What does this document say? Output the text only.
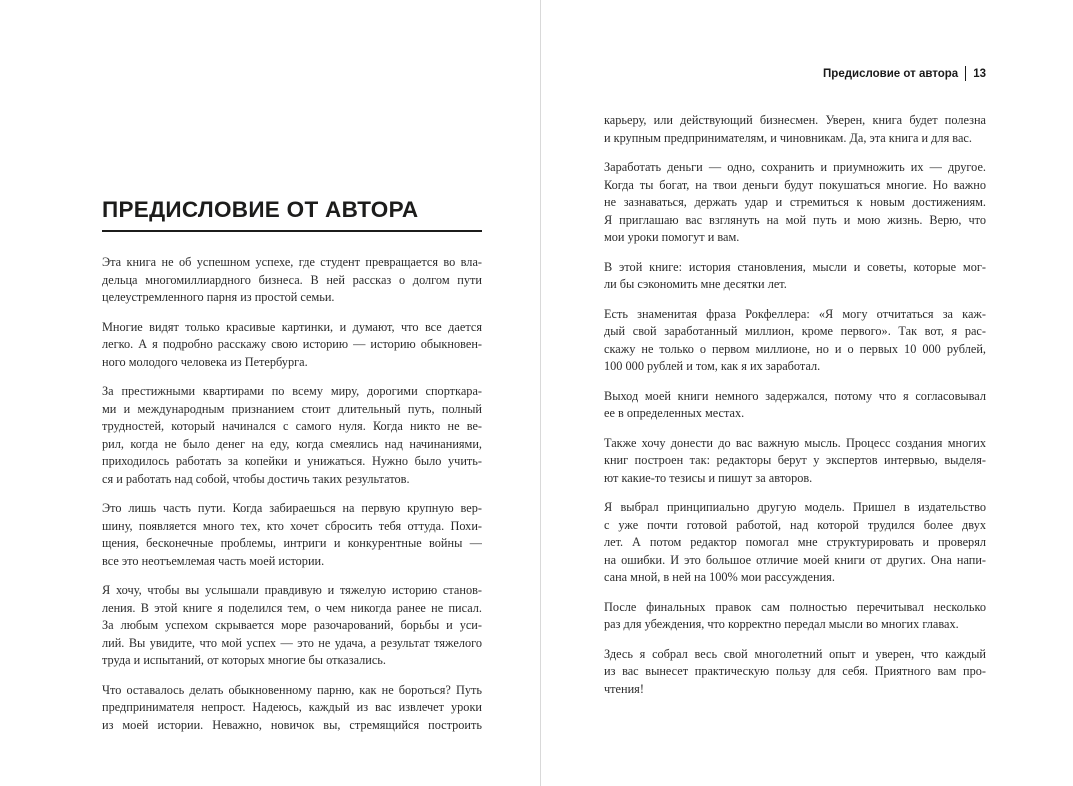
ПРЕДИСЛОВИЕ ОТ АВТОРА
Эта книга не об успешном успехе, где студент превращается во вла-
дельца многомиллиардного бизнеса. В ней рассказ о долгом пути
целеустремленного парня из простой семьи.
Многие видят только красивые картинки, и думают, что все дается
легко. А я подробно расскажу свою историю — историю обыкновен-
ного молодого человека из Петербурга.
За престижными квартирами по всему миру, дорогими спорткара-
ми и международным признанием стоит длительный путь, полный
трудностей, который начинался с самого нуля. Когда никто не ве-
рил, когда не было денег на еду, когда смеялись над начинаниями,
приходилось работать за копейки и унижаться. Нужно было учить-
ся и работать над собой, чтобы достичь таких результатов.
Это лишь часть пути. Когда забираешься на первую крупную вер-
шину, появляется много тех, кто хочет сбросить тебя оттуда. Похи-
щения, бесконечные проблемы, интриги и конкурентные войны —
все это неотъемлемая часть моей истории.
Я хочу, чтобы вы услышали правдивую и тяжелую историю станов-
ления. В этой книге я поделился тем, о чем никогда ранее не писал.
За любым успехом скрывается море разочарований, борьбы и уси-
лий. Вы увидите, что мой успех — это не удача, а результат тяжелого
труда и испытаний, от которых многие бы отказались.
Что оставалось делать обыкновенному парню, как не бороться? Путь
предпринимателя непрост. Надеюсь, каждый из вас извлечет уроки
из моей истории. Неважно, новичок вы, стремящийся построить
Предисловие от автора 13
карьеру, или действующий бизнесмен. Уверен, книга будет полезна
и крупным предпринимателям, и чиновникам. Да, эта книга и для вас.
Заработать деньги — одно, сохранить и приумножить их — другое.
Когда ты богат, на твои деньги будут покушаться многие. Но важно
не зазнаваться, держать удар и стремиться к новым достижениям.
Я приглашаю вас взглянуть на мой путь и мою жизнь. Верю, что
мои уроки помогут и вам.
В этой книге: история становления, мысли и советы, которые мог-
ли бы сэкономить мне десятки лет.
Есть знаменитая фраза Рокфеллера: «Я могу отчитаться за каж-
дый свой заработанный миллион, кроме первого». Так вот, я рас-
скажу не только о первом миллионе, но и о первых 10 000 рублей,
100 000 рублей и том, как я их заработал.
Выход моей книги немного задержался, потому что я согласовывал
ее в определенных местах.
Также хочу донести до вас важную мысль. Процесс создания многих
книг построен так: редакторы берут у экспертов интервью, выделя-
ют какие-то тезисы и пишут за авторов.
Я выбрал принципиально другую модель. Пришел в издательство
с уже почти готовой работой, над которой трудился более двух
лет. А потом редактор помогал мне структурировать и проверял
на ошибки. И это большое отличие моей книги от других. Она напи-
сана мной, в ней на 100% мои рассуждения.
После финальных правок сам полностью перечитывал несколько
раз для убеждения, что корректно передал мысли во многих главах.
Здесь я собрал весь свой многолетний опыт и уверен, что каждый
из вас вынесет практическую пользу для себя. Приятного вам про-
чтения!
